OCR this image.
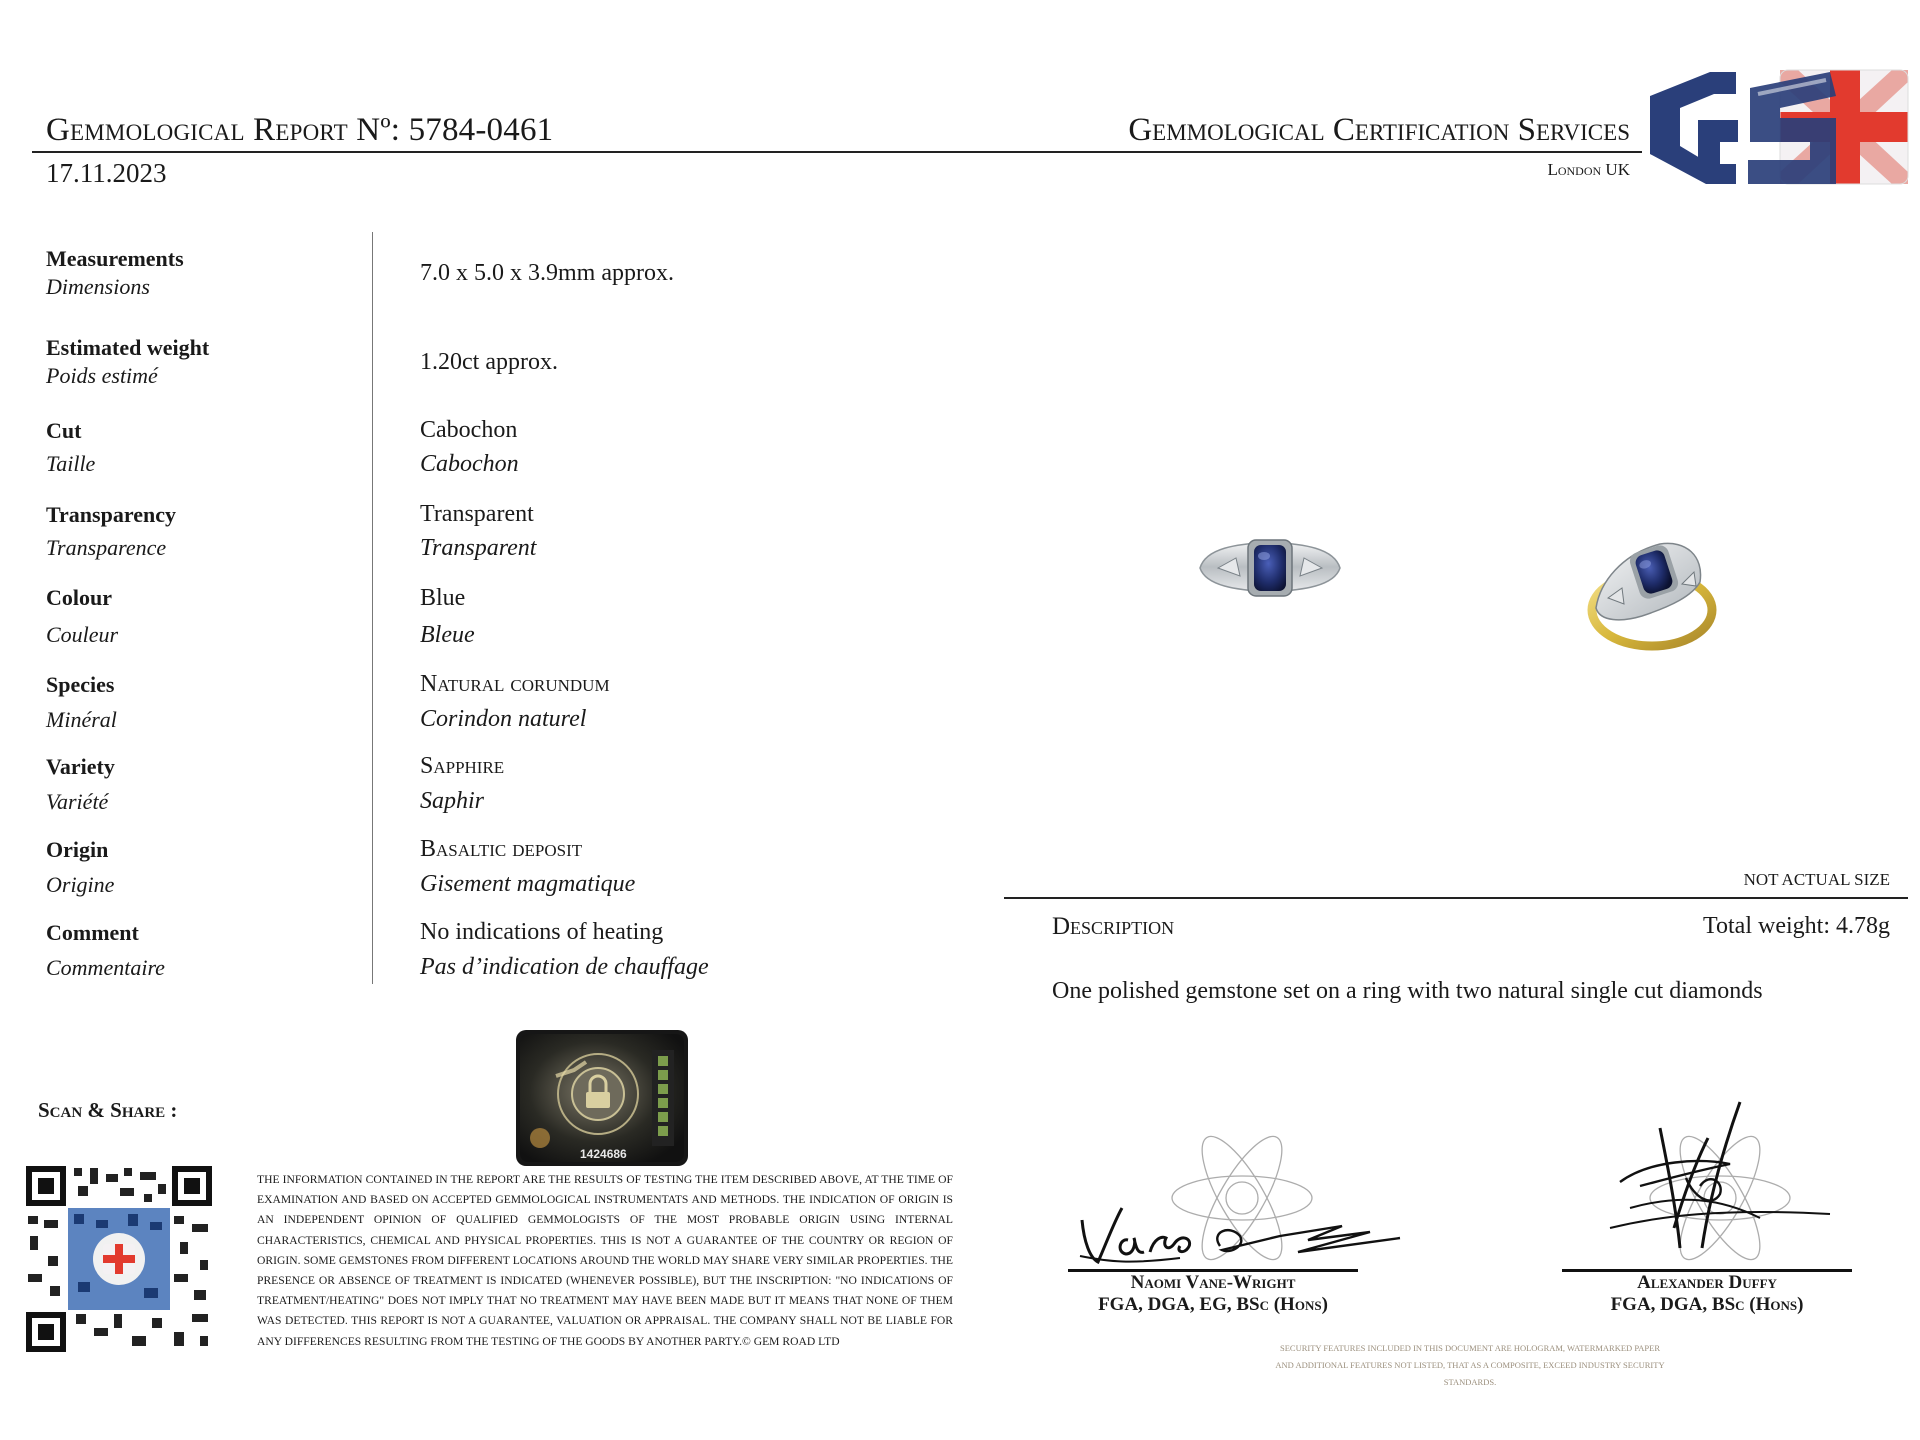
Gemmological Report Nº: 5784-0461
17.11.2023
Gemmological Certification Services
London UK
Measurements
Dimensions
7.0 x 5.0 x 3.9mm approx.
Estimated weight
Poids estimé
1.20ct approx.
Cut
Taille
Cabochon
Cabochon
Transparency
Transparence
Transparent
Transparent
Colour
Couleur
Blue
Bleue
Species
Minéral
Natural corundum
Corindon naturel
Variety
Variété
Sapphire
Saphir
Origin
Origine
Basaltic deposit
Gisement magmatique
Comment
Commentaire
No indications of heating
Pas d’indication de chauffage
NOT ACTUAL SIZE
Description	Total weight: 4.78g
One polished gemstone set on a ring with two natural single cut diamonds
Scan & Share :
1424686
THE INFORMATION CONTAINED IN THE REPORT ARE THE RESULTS OF TESTING THE ITEM DESCRIBED ABOVE, AT THE TIME OF EXAMINATION AND BASED ON ACCEPTED GEMMOLOGICAL INSTRUMENTATS AND METHODS. THE INDICATION OF ORIGIN IS AN INDEPENDENT OPINION OF QUALIFIED GEMMOLOGISTS OF THE MOST PROBABLE ORIGIN USING INTERNAL CHARACTERISTICS, CHEMICAL AND PHYSICAL PROPERTIES. THIS IS NOT A GUARANTEE OF THE COUNTRY OR REGION OF ORIGIN. SOME GEMSTONES FROM DIFFERENT LOCATIONS AROUND THE WORLD MAY SHARE VERY SIMILAR PROPERTIES. THE PRESENCE OR ABSENCE OF TREATMENT IS INDICATED (WHENEVER POSSIBLE), BUT THE INSCRIPTION: "NO INDICATIONS OF TREATMENT/HEATING" DOES NOT IMPLY THAT NO TREATMENT MAY HAVE BEEN MADE BUT IT MEANS THAT NONE OF THEM WAS DETECTED. THIS REPORT IS NOT A GUARANTEE, VALUATION OR APPRAISAL. THE COMPANY SHALL NOT BE LIABLE FOR ANY DIFFERENCES RESULTING FROM THE TESTING OF THE GOODS BY ANOTHER PARTY.© GEM ROAD LTD
Naomi Vane-Wright
FGA, DGA, EG, BSc (Hons)
Alexander Duffy
FGA, DGA, BSc (Hons)
SECURITY FEATURES INCLUDED IN THIS DOCUMENT ARE HOLOGRAM, WATERMARKED PAPER AND ADDITIONAL FEATURES NOT LISTED, THAT AS A COMPOSITE, EXCEED INDUSTRY SECURITY STANDARDS.
